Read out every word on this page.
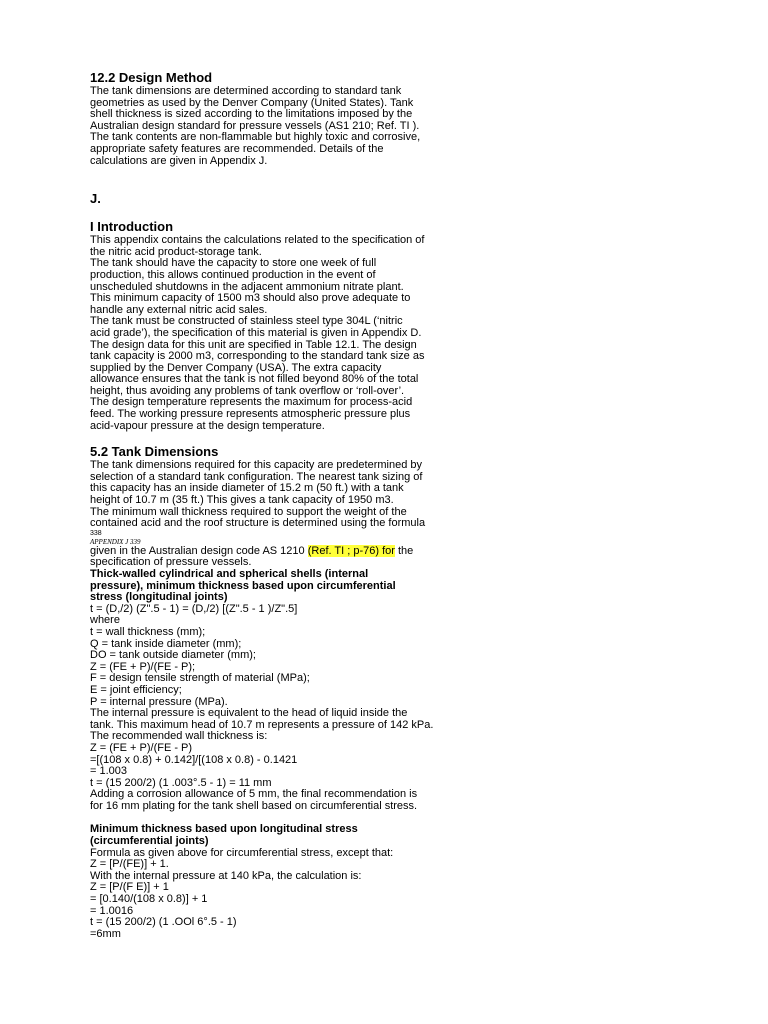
12.2 Design Method

The tank dimensions are determined according to standard tank
geometries as used by the Denver Company (United States). Tank
shell thickness is sized according to the limitations imposed by the
Australian design standard for pressure vessels (AS1 210; Ref. TI ).
The tank contents are non-flammable but highly toxic and corrosive,
appropriate safety features are recommended. Details of the
calculations are given in Appendix J.

J.

I Introduction

This appendix contains the calculations related to the specification of
the nitric acid product-storage tank.
The tank should have the capacity to store one week of full
production, this allows continued production in the event of
unscheduled shutdowns in the adjacent ammonium nitrate plant.
This minimum capacity of 1500 m3 should also prove adequate to
handle any external nitric acid sales.
The tank must be constructed of stainless steel type 304L (‘nitric
acid grade’), the specification of this material is given in Appendix D.
The design data for this unit are specified in Table 12.1. The design
tank capacity is 2000 m3, corresponding to the standard tank size as
supplied by the Denver Company (USA). The extra capacity
allowance ensures that the tank is not filled beyond 80% of the total
height, thus avoiding any problems of tank overflow or ‘roll-over’.
The design temperature represents the maximum for process-acid
feed. The working pressure represents atmospheric pressure plus
acid-vapour pressure at the design temperature.

5.2 Tank Dimensions

The tank dimensions required for this capacity are predetermined by
selection of a standard tank configuration. The nearest tank sizing of
this capacity has an inside diameter of 15.2 m (50 ft.) with a tank
height of 10.7 m (35 ft.) This gives a tank capacity of 1950 m3.
The minimum wall thickness required to support the weight of the
contained acid and the roof structure is determined using the formula

338

APPENDIX J 339

given in the Australian design code AS 1210 (Ref. TI ; p-76) for the

specification of pressure vessels.

Thick-walled cylindrical and spherical shells (internal
pressure), minimum thickness based upon circumferential
stress (longitudinal joints)

t = (D,/2) (Z".5 - 1) = (D,/2) [(Z".5 - 1 )/Z".5]
where
t = wall thickness (mm);
Q = tank inside diameter (mm);
DO = tank outside diameter (mm);
Z = (FE + P)/(FE - P);
F = design tensile strength of material (MPa);
E = joint efficiency;
P = internal pressure (MPa).
The internal pressure is equivalent to the head of liquid inside the
tank. This maximum head of 10.7 m represents a pressure of 142 kPa.
The recommended wall thickness is:
Z = (FE + P)/(FE - P)
=[(108 x 0.8) + 0.142]/[(108 x 0.8) - 0.1421
= 1.003
t = (15 200/2) (1 .003°.5 - 1) = 11 mm
Adding a corrosion allowance of 5 mm, the final recommendation is
for 16 mm plating for the tank shell based on circumferential stress.

Minimum thickness based upon longitudinal stress
(circumferential joints)

Formula as given above for circumferential stress, except that:
Z = [P/(FE)] + 1.
With the internal pressure at 140 kPa, the calculation is:
Z = [P/(F E)] + 1
= [0.140/(108 x 0.8)] + 1
= 1.0016
t = (15 200/2) (1 .OOl 6°.5 - 1)
=6mm
